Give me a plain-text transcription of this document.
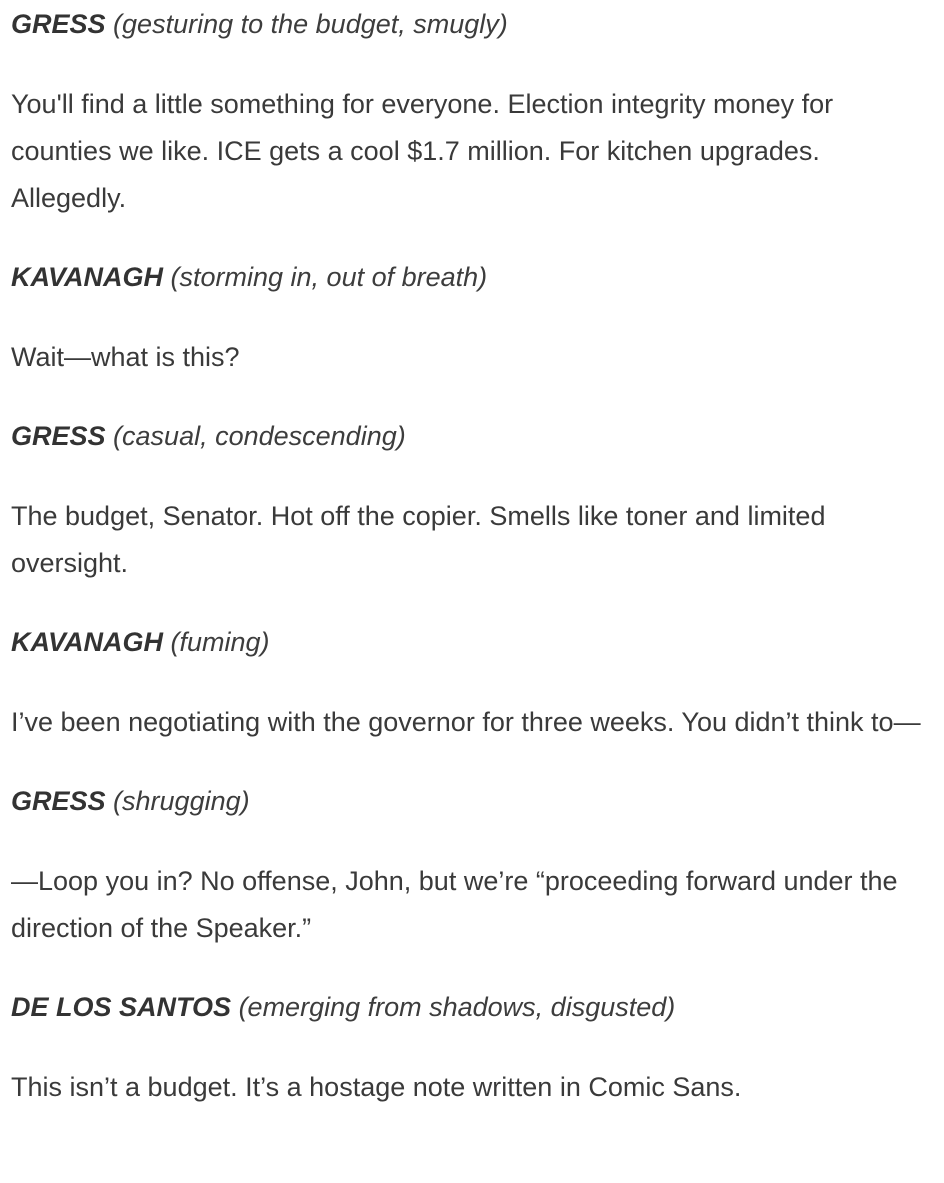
GRESS (gesturing to the budget, smugly)

You'll find a little something for everyone. Election integrity money for counties we like. ICE gets a cool $1.7 million. For kitchen upgrades. Allegedly.

KAVANAGH (storming in, out of breath)

Wait—what is this?

GRESS (casual, condescending)

The budget, Senator. Hot off the copier. Smells like toner and limited oversight.

KAVANAGH (fuming)

I’ve been negotiating with the governor for three weeks. You didn’t think to—

GRESS (shrugging)

—Loop you in? No offense, John, but we’re “proceeding forward under the direction of the Speaker.”

DE LOS SANTOS (emerging from shadows, disgusted)

This isn’t a budget. It’s a hostage note written in Comic Sans.
